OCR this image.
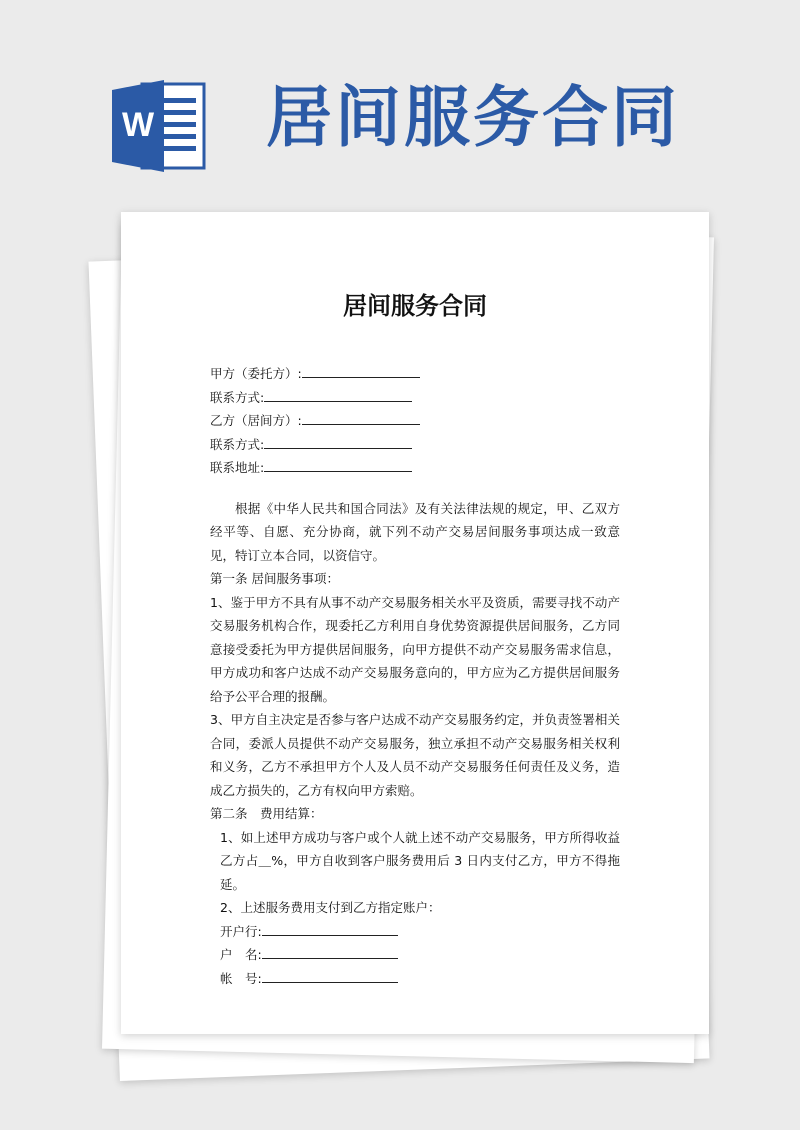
W 居间服务合同
居间服务合同
甲方（委托方）:
联系方式:
乙方（居间方）:
联系方式:
联系地址:

根据《中华人民共和国合同法》及有关法律法规的规定，甲、乙双方经平等、自愿、充分协商，就下列不动产交易居间服务事项达成一致意见，特订立本合同，以资信守。

第一条 居间服务事项：

1、鉴于甲方不具有从事不动产交易服务相关水平及资质，需要寻找不动产交易服务机构合作，现委托乙方利用自身优势资源提供居间服务，乙方同意接受委托为甲方提供居间服务，向甲方提供不动产交易服务需求信息，甲方成功和客户达成不动产交易服务意向的，甲方应为乙方提供居间服务给予公平合理的报酬。

3、甲方自主决定是否参与客户达成不动产交易服务约定，并负责签署相关合同，委派人员提供不动产交易服务，独立承担不动产交易服务相关权利和义务，乙方不承担甲方个人及人员不动产交易服务任何责任及义务，造成乙方损失的，乙方有权向甲方索赔。

第二条　费用结算：

1、如上述甲方成功与客户或个人就上述不动产交易服务，甲方所得收益乙方占＿%，甲方自收到客户服务费用后 3 日内支付乙方，甲方不得拖延。

2、上述服务费用支付到乙方指定账户：

开户行:
户　名:
帐　号:
